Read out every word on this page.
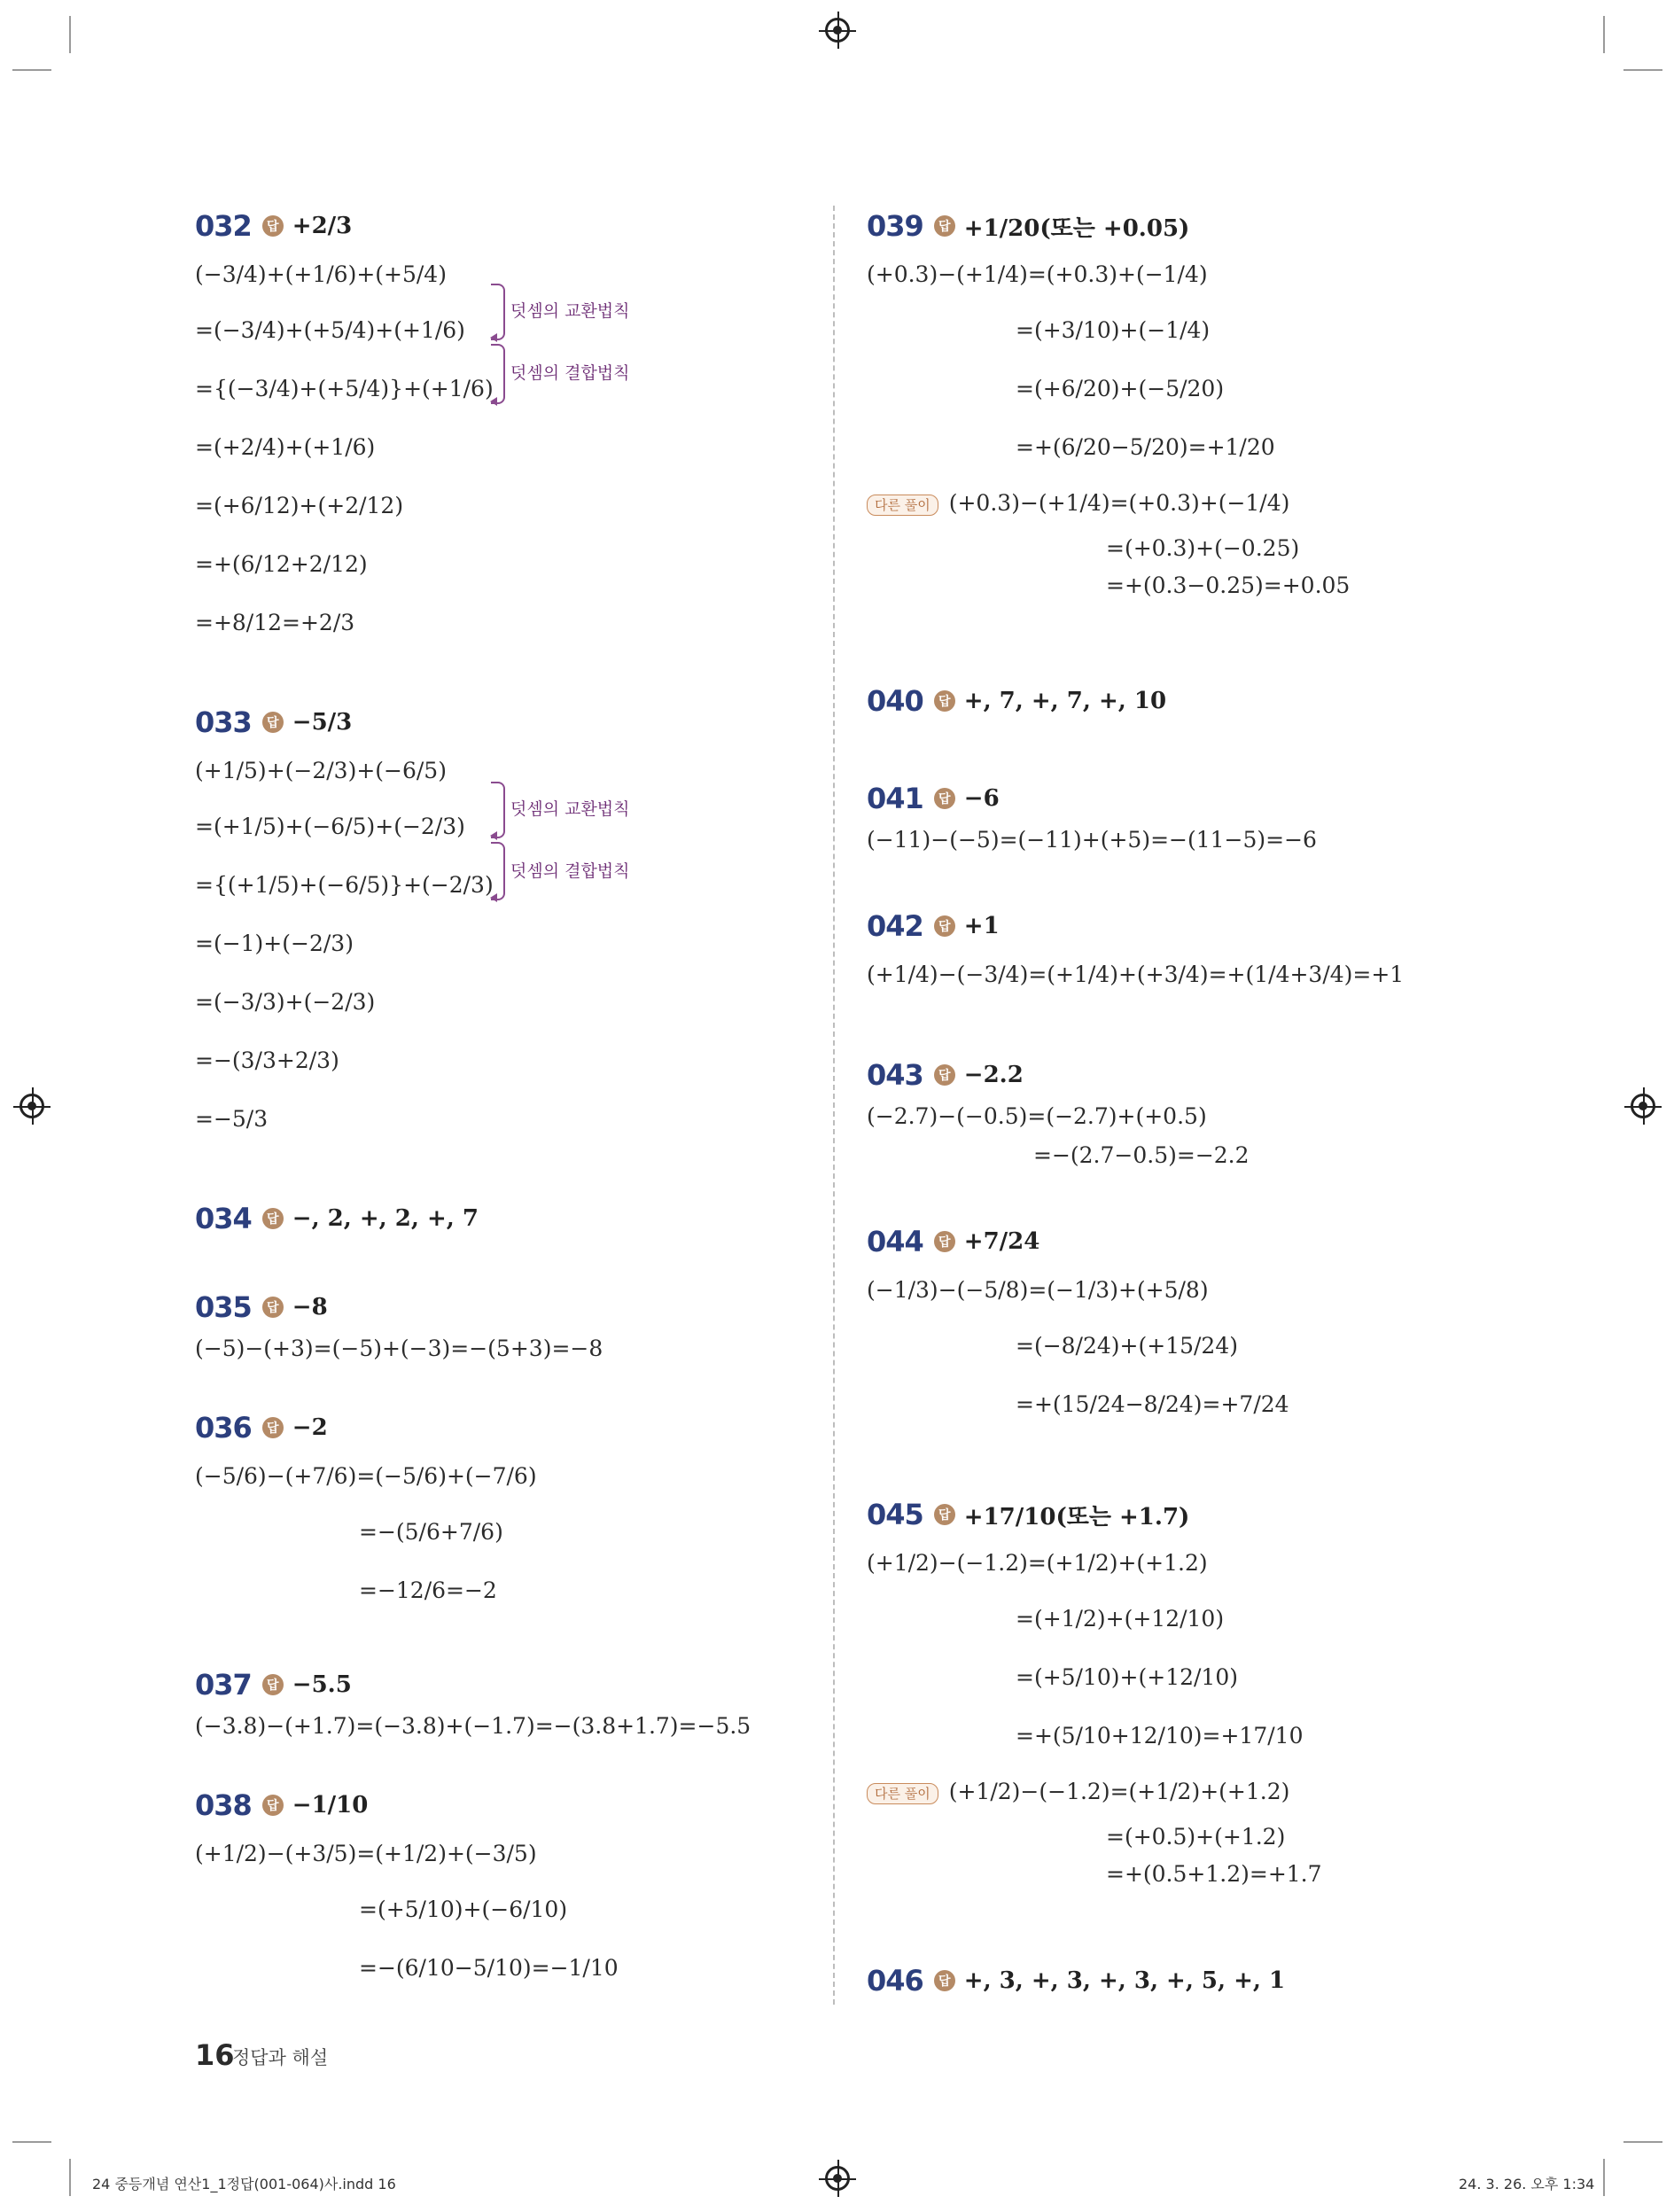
032	답 +2/3
(−3/4)+(+1/6)+(+5/4)
=(−3/4)+(+5/4)+(+1/6)
={(−3/4)+(+5/4)}+(+1/6)
=(+2/4)+(+1/6)
=(+6/12)+(+2/12)
=+(6/12+2/12)
=+8/12=+2/3
덧셈의 교환법칙
덧셈의 결합법칙
033	답 −5/3
(+1/5)+(−2/3)+(−6/5)
=(+1/5)+(−6/5)+(−2/3)
={(+1/5)+(−6/5)}+(−2/3)
=(−1)+(−2/3)
=(−3/3)+(−2/3)
=−(3/3+2/3)
=−5/3
덧셈의 교환법칙
덧셈의 결합법칙
034	답 −, 2, +, 2, +, 7
035	답 −8
(−5)−(+3)=(−5)+(−3)=−(5+3)=−8
036	답 −2
(−5/6)−(+7/6)=(−5/6)+(−7/6)
=−(5/6+7/6)
=−12/6=−2
037	답 −5.5
(−3.8)−(+1.7)=(−3.8)+(−1.7)=−(3.8+1.7)=−5.5
038	답 −1/10
(+1/2)−(+3/5)=(+1/2)+(−3/5)
=(+5/10)+(−6/10)
=−(6/10−5/10)=−1/10
039	답 +1/20(또는 +0.05)
(+0.3)−(+1/4)=(+0.3)+(−1/4)
=(+3/10)+(−1/4)
=(+6/20)+(−5/20)
=+(6/20−5/20)=+1/20
다른 풀이 (+0.3)−(+1/4)=(+0.3)+(−1/4)
=(+0.3)+(−0.25)
=+(0.3−0.25)=+0.05
040	답 +, 7, +, 7, +, 10
041	답 −6
(−11)−(−5)=(−11)+(+5)=−(11−5)=−6
042	답 +1
(+1/4)−(−3/4)=(+1/4)+(+3/4)=+(1/4+3/4)=+1
043	답 −2.2
(−2.7)−(−0.5)=(−2.7)+(+0.5)
=−(2.7−0.5)=−2.2
044	답 +7/24
(−1/3)−(−5/8)=(−1/3)+(+5/8)
=(−8/24)+(+15/24)
=+(15/24−8/24)=+7/24
045	답 +17/10(또는 +1.7)
(+1/2)−(−1.2)=(+1/2)+(+1.2)
=(+1/2)+(+12/10)
=(+5/10)+(+12/10)
=+(5/10+12/10)=+17/10
다른 풀이 (+1/2)−(−1.2)=(+1/2)+(+1.2)
=(+0.5)+(+1.2)
=+(0.5+1.2)=+1.7
046	답 +, 3, +, 3, +, 3, +, 5, +, 1
16
정답과 해설
24 중등개념 연산1_1정답(001-064)사.indd 16	24. 3. 26. 오후 1:34
